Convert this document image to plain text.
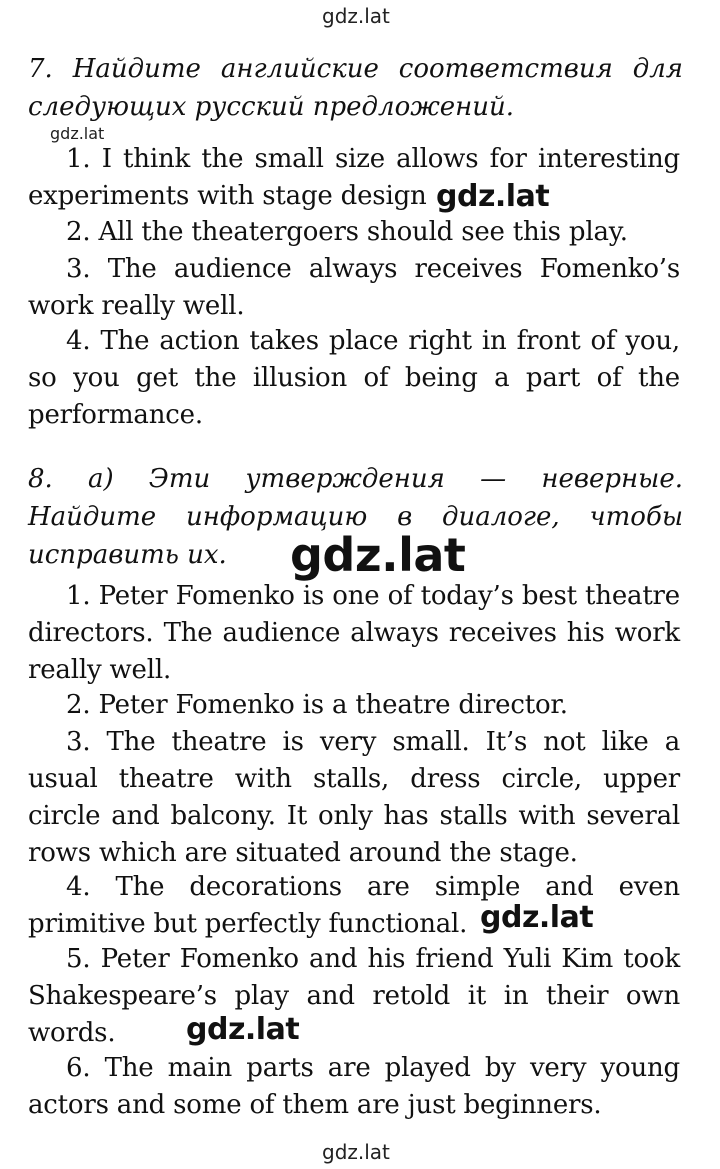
gdz.lat
7. Найдите английские соответствия для следующих русский предложений.
gdz.lat
1. I think the small size allows for interesting experiments with stage design gdz.lat
2. All the theatergoers should see this play.
3. The audience always receives Fomenko’s work really well.
4. The action takes place right in front of you, so you get the illusion of being a part of the performance.
8. а) Эти утверждения — неверные. Найдите информацию в диалоге, чтобы исправить их.	gdz.lat
1. Peter Fomenko is one of today’s best theatre directors. The audience always receives his work really well.
2. Peter Fomenko is a theatre director.
3. The theatre is very small. It’s not like a usual theatre with stalls, dress circle, upper circle and balcony. It only has stalls with several rows which are situated around the stage.
4. The decorations are simple and even primitive but perfectly functional. gdz.lat
5. Peter Fomenko and his friend Yuli Kim took Shakespeare’s play and retold it in their own words.	gdz.lat
6. The main parts are played by very young actors and some of them are just beginners.
gdz.lat
